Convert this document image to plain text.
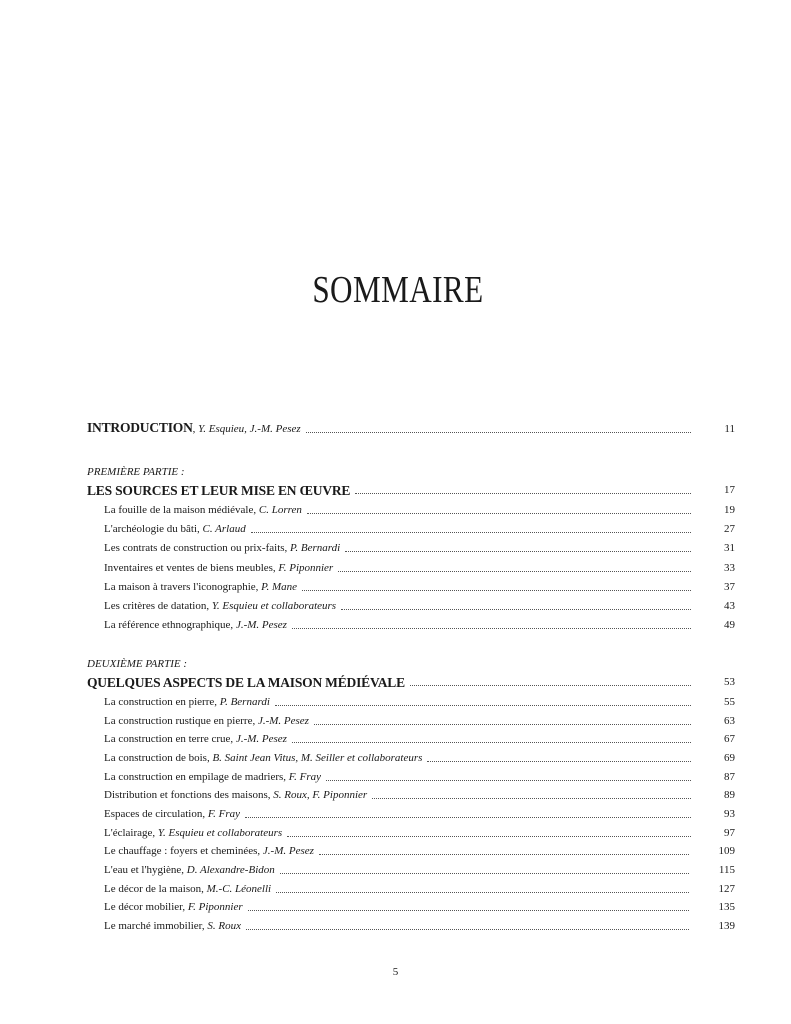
SOMMAIRE
INTRODUCTION, Y. Esquieu, J.-M. Pesez	11
PREMIÈRE PARTIE :
LES SOURCES ET LEUR MISE EN ŒUVRE	17
La fouille de la maison médiévale, C. Lorren	19
L'archéologie du bâti, C. Arlaud	27
Les contrats de construction ou prix-faits, P. Bernardi	31
Inventaires et ventes de biens meubles, F. Piponnier	33
La maison à travers l'iconographie, P. Mane	37
Les critères de datation, Y. Esquieu et collaborateurs	43
La référence ethnographique, J.-M. Pesez	49
DEUXIÈME PARTIE :
QUELQUES ASPECTS DE LA MAISON MÉDIÉVALE	53
La construction en pierre, P. Bernardi	55
La construction rustique en pierre, J.-M. Pesez	63
La construction en terre crue, J.-M. Pesez	67
La construction de bois, B. Saint Jean Vitus, M. Seiller et collaborateurs	69
La construction en empilage de madriers, F. Fray	87
Distribution et fonctions des maisons, S. Roux, F. Piponnier	89
Espaces de circulation, F. Fray	93
L'éclairage, Y. Esquieu et collaborateurs	97
Le chauffage : foyers et cheminées, J.-M. Pesez	109
L'eau et l'hygiène, D. Alexandre-Bidon	115
Le décor de la maison, M.-C. Léonelli	127
Le décor mobilier, F. Piponnier	135
Le marché immobilier, S. Roux	139
5
